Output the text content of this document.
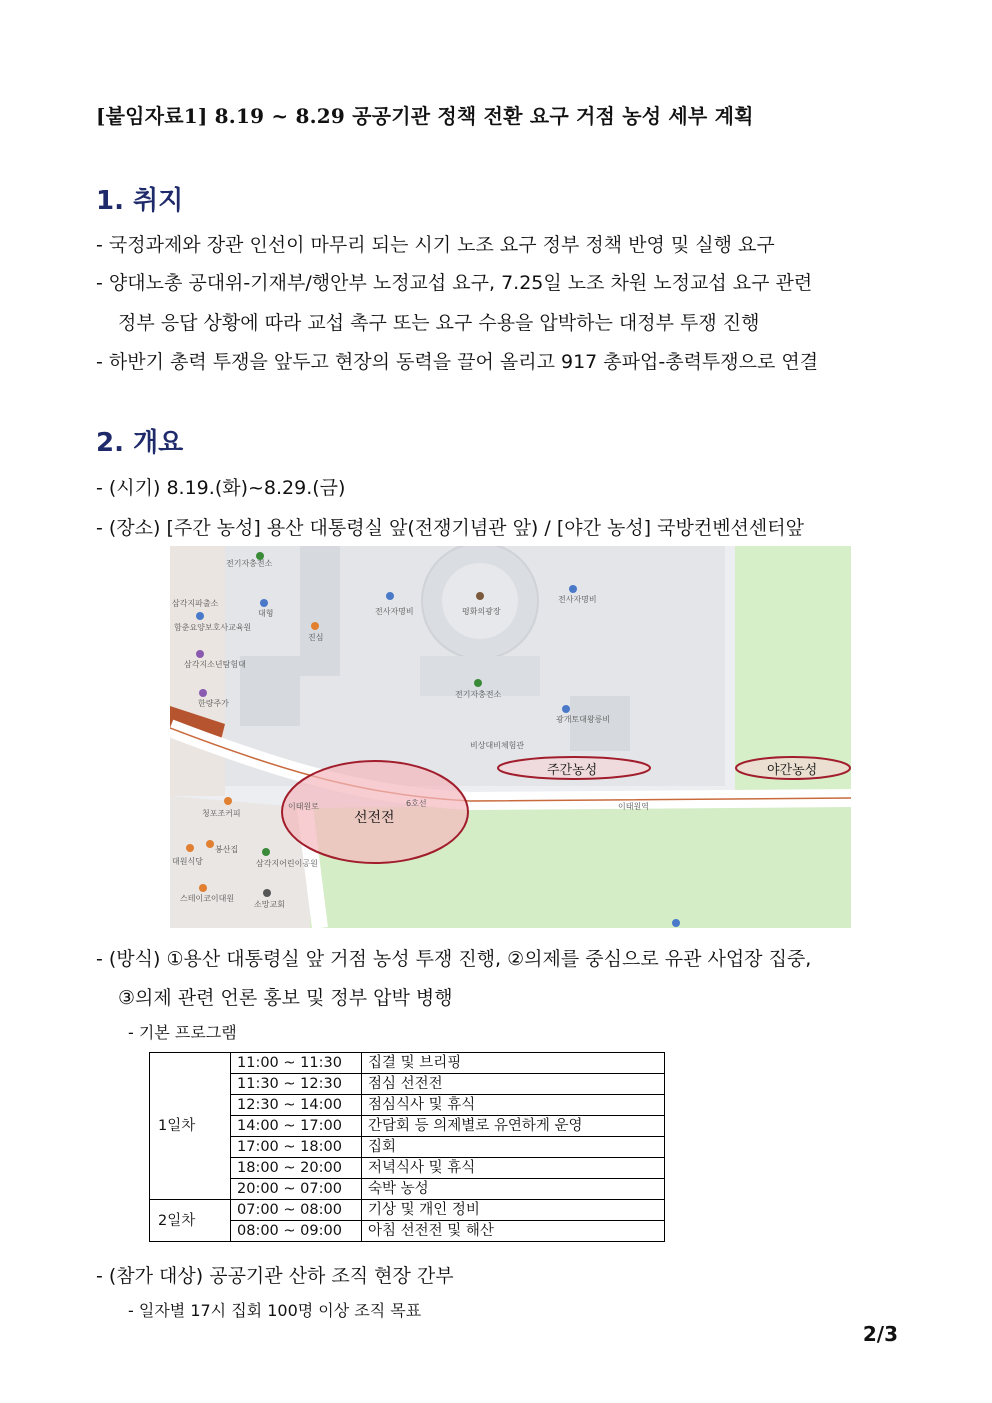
[붙임자료1] 8.19 ~ 8.29 공공기관 정책 전환 요구 거점 농성 세부 계획
1. 취지
- 국정과제와 장관 인선이 마무리 되는 시기 노조 요구 정부 정책 반영 및 실행 요구
- 양대노총 공대위-기재부/행안부 노정교섭 요구, 7.25일 노조 차원 노정교섭 요구 관련
정부 응답 상황에 따라 교섭 촉구 또는 요구 수용을 압박하는 대정부 투쟁 진행
- 하반기 총력 투쟁을 앞두고 현장의 동력을 끌어 올리고 917 총파업-총력투쟁으로 연결
2. 개요
- (시기) 8.19.(화)~8.29.(금)
- (장소) [주간 농성] 용산 대통령실 앞(전쟁기념관 앞) / [야간 농성] 국방컨벤션센터앞
전기자충전소
삼각지파출소
대형	전사자명비	평화의광장
전사자명비
진심
함춘요양보호사교육원
삼각지소년탐험대
전기자충전소
한량주가
광개토대왕릉비
비상대비체험관
청포조커피
봉산집
삼각지어린이공원
대원식당
스테이코이대원
소망교회
6호선
이태원로	이태원역
주간농성	야간농성
선전전
- (방식) ①용산 대통령실 앞 거점 농성 투쟁 진행, ②의제를 중심으로 유관 사업장 집중,
③의제 관련 언론 홍보 및 정부 압박 병행
- 기본 프로그램
1일차	11:00 ~ 11:30	집결 및 브리핑
	11:30 ~ 12:30	점심 선전전
	12:30 ~ 14:00	점심식사 및 휴식
	14:00 ~ 17:00	간담회 등 의제별로 유연하게 운영
	17:00 ~ 18:00	집회
	18:00 ~ 20:00	저녁식사 및 휴식
	20:00 ~ 07:00	숙박 농성
2일차	07:00 ~ 08:00	기상 및 개인 정비
	08:00 ~ 09:00	아침 선전전 및 해산
- (참가 대상) 공공기관 산하 조직 현장 간부
- 일자별 17시 집회 100명 이상 조직 목표
2/3
